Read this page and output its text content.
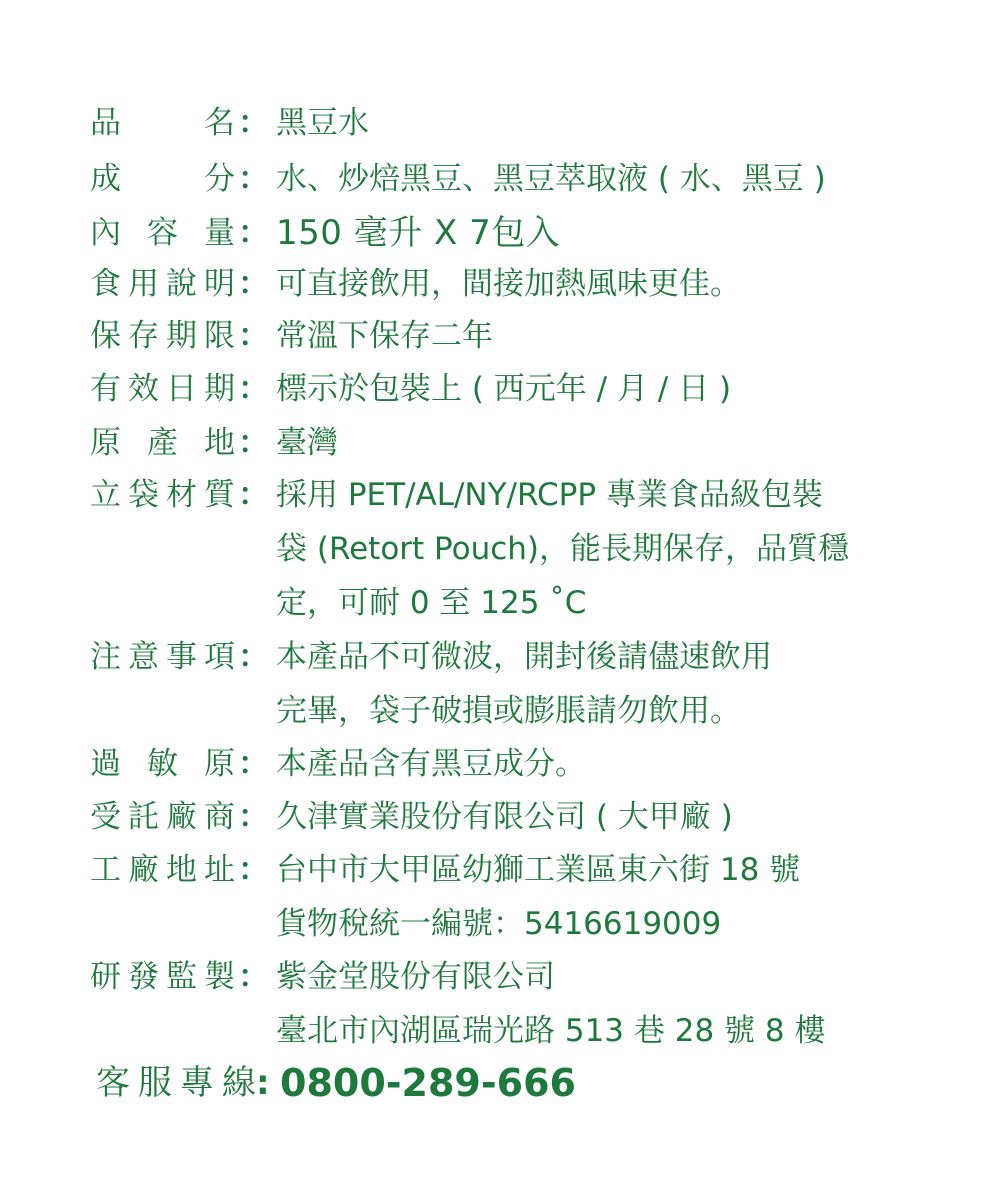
品　名 ： 黑豆水
成　分 ： 水、炒焙黑豆、黑豆萃取液 ( 水、黑豆 )
內 容 量 ： 150 毫升 X 7包入
食用說明 ： 可直接飲用，間接加熱風味更佳。
保存期限 ： 常溫下保存二年
有效日期 ： 標示於包裝上 ( 西元年 / 月 / 日 )
原 產 地 ： 臺灣
立袋材質 ： 採用 PET/AL/NY/RCPP 專業食品級包裝
袋 (Retort Pouch)，能長期保存，品質穩
定，可耐 0 至 125 ˚C
注意事項 ： 本產品不可微波，開封後請儘速飲用
完畢，袋子破損或膨脹請勿飲用。
過 敏 原 ： 本產品含有黑豆成分。
受託廠商 ： 久津實業股份有限公司 ( 大甲廠 )
工廠地址 ： 台中市大甲區幼獅工業區東六街 18 號
貨物稅統一編號：5416619009
研發監製 ： 紫金堂股份有限公司
臺北市內湖區瑞光路 513 巷 28 號 8 樓
客服專線 : 0800-289-666
